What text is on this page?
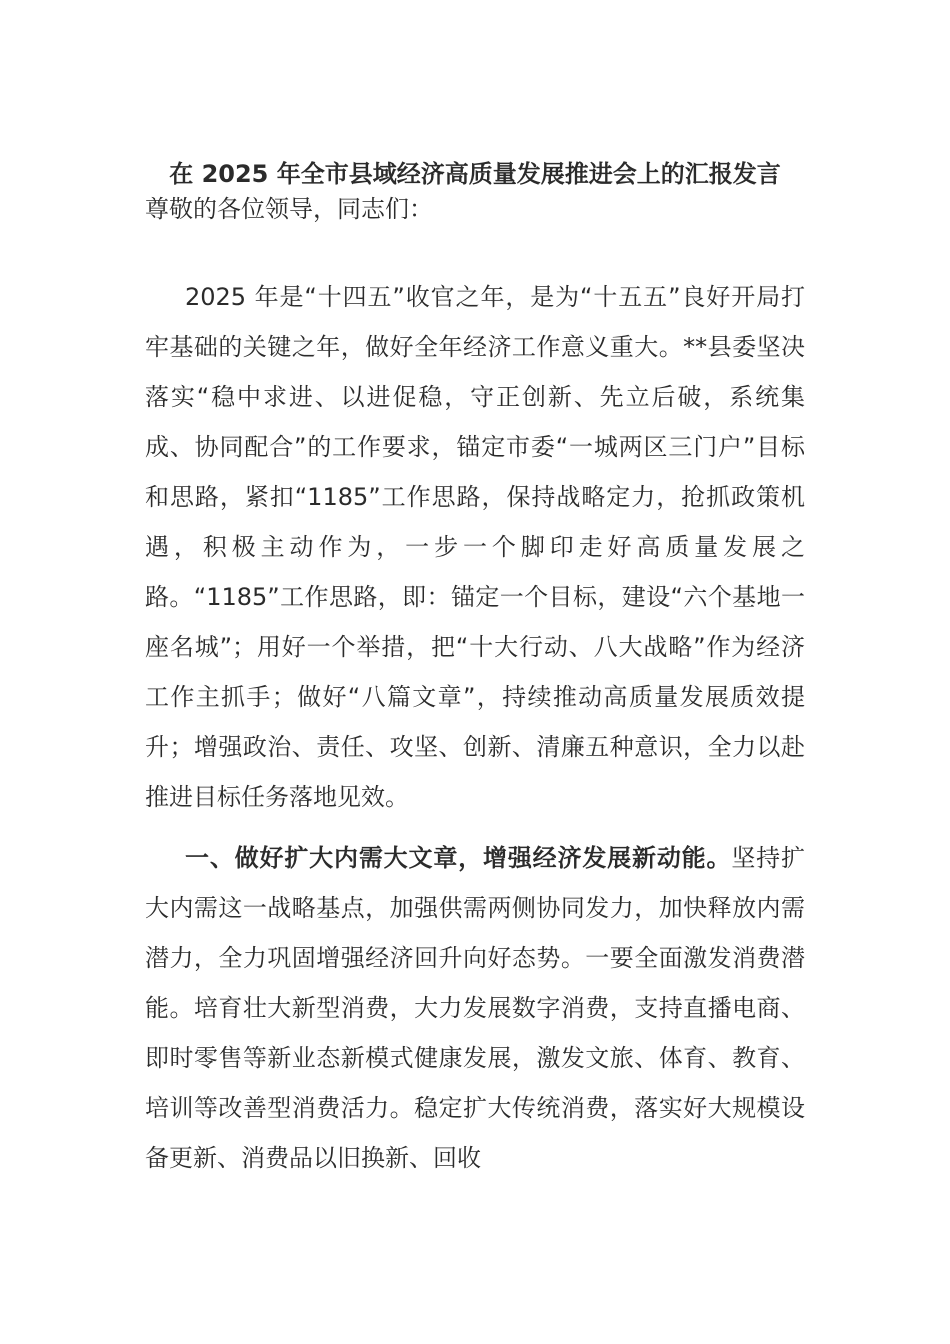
在 2025 年全市县域经济高质量发展推进会上的汇报发言
尊敬的各位领导，同志们：

2025 年是“十四五”收官之年，是为“十五五”良好开局打牢基础的关键之年，做好全年经济工作意义重大。**县委坚决落实“稳中求进、以进促稳，守正创新、先立后破，系统集成、协同配合”的工作要求，锚定市委“一城两区三门户”目标和思路，紧扣“1185”工作思路，保持战略定力，抢抓政策机遇，积极主动作为，一步一个脚印走好高质量发展之路。“1185”工作思路，即：锚定一个目标，建设“六个基地一座名城”；用好一个举措，把“十大行动、八大战略”作为经济工作主抓手；做好“八篇文章”，持续推动高质量发展质效提升；增强政治、责任、攻坚、创新、清廉五种意识，全力以赴推进目标任务落地见效。

一、做好扩大内需大文章，增强经济发展新动能。坚持扩大内需这一战略基点，加强供需两侧协同发力，加快释放内需潜力，全力巩固增强经济回升向好态势。一要全面激发消费潜能。培育壮大新型消费，大力发展数字消费，支持直播电商、即时零售等新业态新模式健康发展，激发文旅、体育、教育、培训等改善型消费活力。稳定扩大传统消费，落实好大规模设备更新、消费品以旧换新、回收
